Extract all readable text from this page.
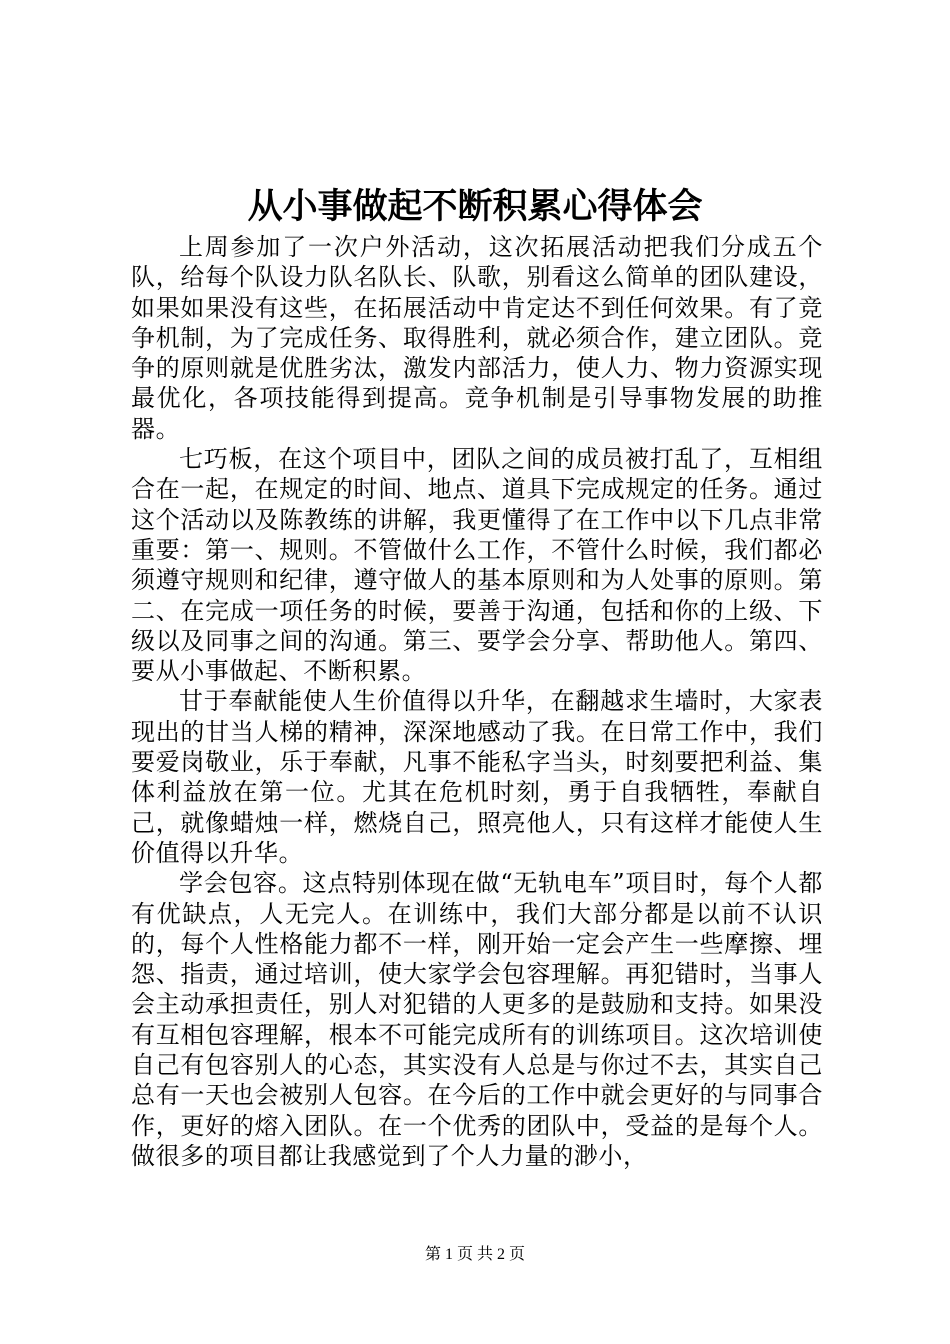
从小事做起不断积累心得体会

上周参加了一次户外活动，这次拓展活动把我们分成五个队，给每个队设力队名队长、队歌，别看这么简单的团队建设，如果如果没有这些，在拓展活动中肯定达不到任何效果。有了竞争机制，为了完成任务、取得胜利，就必须合作，建立团队。竞争的原则就是优胜劣汰，激发内部活力，使人力、物力资源实现最优化，各项技能得到提高。竞争机制是引导事物发展的助推器。

七巧板，在这个项目中，团队之间的成员被打乱了，互相组合在一起，在规定的时间、地点、道具下完成规定的任务。通过这个活动以及陈教练的讲解，我更懂得了在工作中以下几点非常重要：第一、规则。不管做什么工作，不管什么时候，我们都必须遵守规则和纪律，遵守做人的基本原则和为人处事的原则。第二、在完成一项任务的时候，要善于沟通，包括和你的上级、下级以及同事之间的沟通。第三、要学会分享、帮助他人。第四、要从小事做起、不断积累。

甘于奉献能使人生价值得以升华，在翻越求生墙时，大家表现出的甘当人梯的精神，深深地感动了我。在日常工作中，我们要爱岗敬业，乐于奉献，凡事不能私字当头，时刻要把利益、集体利益放在第一位。尤其在危机时刻，勇于自我牺牲，奉献自己，就像蜡烛一样，燃烧自己，照亮他人，只有这样才能使人生价值得以升华。

学会包容。这点特别体现在做“无轨电车”项目时，每个人都有优缺点，人无完人。在训练中，我们大部分都是以前不认识的，每个人性格能力都不一样，刚开始一定会产生一些摩擦、埋怨、指责，通过培训，使大家学会包容理解。再犯错时，当事人会主动承担责任，别人对犯错的人更多的是鼓励和支持。如果没有互相包容理解，根本不可能完成所有的训练项目。这次培训使自己有包容别人的心态，其实没有人总是与你过不去，其实自己总有一天也会被别人包容。在今后的工作中就会更好的与同事合作，更好的熔入团队。在一个优秀的团队中，受益的是每个人。做很多的项目都让我感觉到了个人力量的渺小，

第 1 页 共 2 页
